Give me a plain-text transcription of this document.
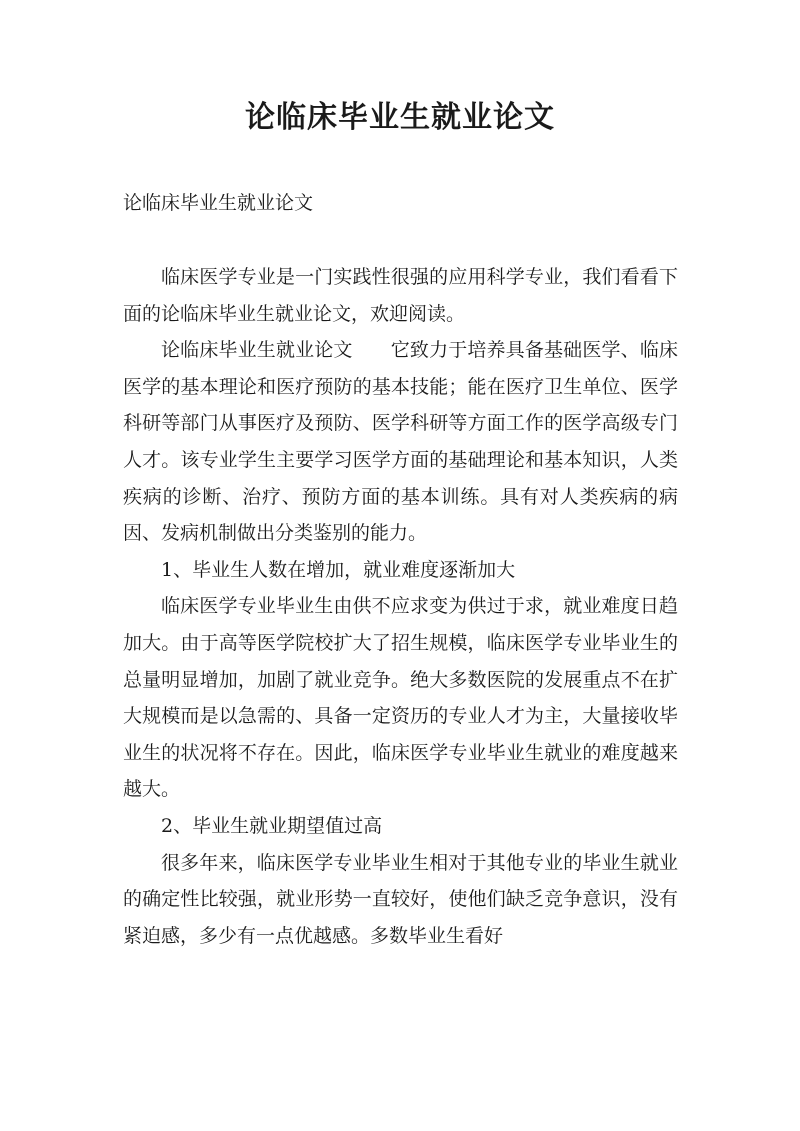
论临床毕业生就业论文

论临床毕业生就业论文

临床医学专业是一门实践性很强的应用科学专业，我们看看下面的论临床毕业生就业论文，欢迎阅读。

论临床毕业生就业论文 它致力于培养具备基础医学、临床医学的基本理论和医疗预防的基本技能；能在医疗卫生单位、医学科研等部门从事医疗及预防、医学科研等方面工作的医学高级专门人才。该专业学生主要学习医学方面的基础理论和基本知识，人类疾病的诊断、治疗、预防方面的基本训练。具有对人类疾病的病因、发病机制做出分类鉴别的能力。

1、毕业生人数在增加，就业难度逐渐加大

临床医学专业毕业生由供不应求变为供过于求，就业难度日趋加大。由于高等医学院校扩大了招生规模，临床医学专业毕业生的总量明显增加，加剧了就业竞争。绝大多数医院的发展重点不在扩大规模而是以急需的、具备一定资历的专业人才为主，大量接收毕业生的状况将不存在。因此，临床医学专业毕业生就业的难度越来越大。

2、毕业生就业期望值过高

很多年来，临床医学专业毕业生相对于其他专业的毕业生就业的确定性比较强，就业形势一直较好，使他们缺乏竞争意识，没有紧迫感，多少有一点优越感。多数毕业生看好
